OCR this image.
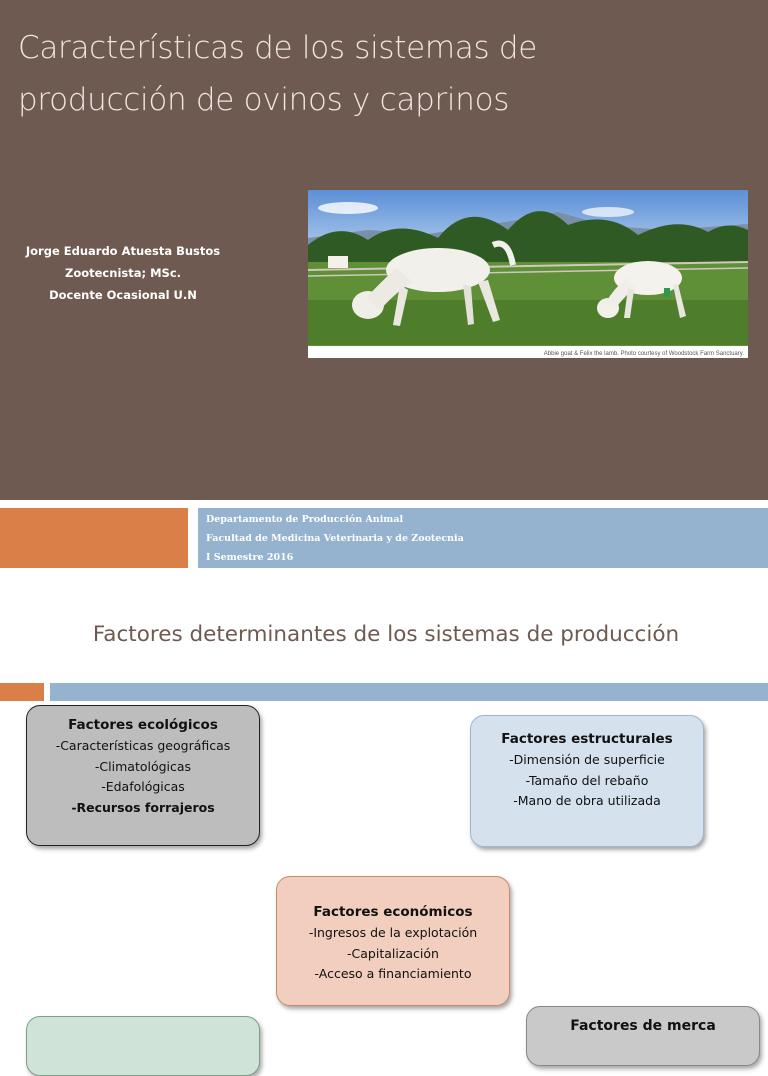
Características de los sistemas de producción de ovinos y caprinos
Jorge Eduardo Atuesta Bustos
Zootecnista; MSc.
Docente Ocasional U.N
Abbie goat & Felix the lamb. Photo courtesy of Woodstock Farm Sanctuary.
Departamento de Producción Animal
Facultad de Medicina Veterinaria y de Zootecnia
I Semestre 2016
Factores determinantes de los sistemas de producción
Factores ecológicos
-Características geográficas
-Climatológicas
-Edafológicas
-Recursos forrajeros
Factores estructurales
-Dimensión de superficie
-Tamaño del rebaño
-Mano de obra utilizada
Factores económicos
-Ingresos de la explotación
-Capitalización
-Acceso a financiamiento
Factores de merca
